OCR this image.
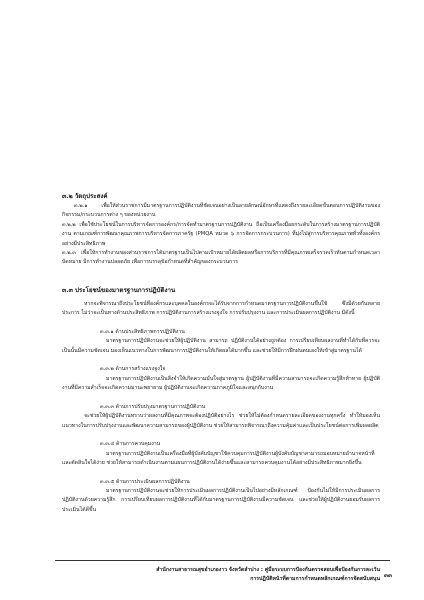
๓.๒ วัตถุประสงค์

๓.๒.๑ เพื่อให้ส่วนราชการมีมาตรฐานการปฏิบัติงานที่ชัดเจนอย่างเป็นลายลักษณ์อักษรที่แสดงถึงรายละเอียดขั้นตอนการปฏิบัติงานของกิจกรรม/กระบวนการต่าง ๆ ของหน่วยงาน

๓.๒.๒ เพื่อใช้ประโยชน์ในการบริหารจัดการองค์กร/การจัดทำมาตรฐานการปฏิบัติงาน ถือเป็นเครื่องมือยกระดับในการสร้างมาตรฐานการปฏิบัติงาน ตามเกณฑ์การพัฒนาคุณภาพการบริหารจัดการภาครัฐ (PMQA หมวด ๖ การจัดการกระบวนการ) ที่มุ่งไปสู่การบริหารคุณภาพทั่วทั้งองค์กรอย่างมีประสิทธิภาพ

๓.๒.๓ เพื่อให้การทำงานของส่วนราชการได้มาตรฐานเป็นไปตามเป้าหมายได้ผลิตผลหรือการบริการที่มีคุณภาพเสร็จรวดเร็วทันตามกำหนดเวลาบัดหมาย มีการทำงานปลอดภัย เพื่อการบรรลุข้อกำหนดที่สำคัญของกระบวนการ

๓.๓ ประโยชน์ของมาตรฐานการปฏิบัติงาน

หากจะพิจารณาถึงประโยชน์ที่องค์กรและบุคคลในองค์กรจะได้รับจากการกำหนดมาตรฐานการปฏิบัติงานขึ้นใช้ ซึ่งมีด้วยกันหลายประการ ไม่ว่าจะเป็นทางด้านประสิทธิภาพ การปฏิบัติงานการสร้างแรงจูงใจ การปรับปรุงงาน และการประเมินผลการปฏิบัติงาน มีดังนี้

๓.๓.๑ ด้านประสิทธิภาพการปฏิบัติงาน

มาตรฐานการปฏิบัติงานจะช่วยให้ผู้ปฏิบัติงาน สามารถ ปฏิบัติงานได้อย่างถูกต้อง การเปรียบเทียบผลงานที่ทำได้กับที่ควรจะเป็นนั้นมีความชัดเจน มองเห็นแนวทางในการพัฒนาการปฏิบัติงานให้เกิดผลได้มากขึ้น และช่วยให้มีการฝึกฝนตนเองให้เข้าสู่มาตรฐานได้

๓.๓.๒ ด้านการสร้างแรงจูงใจ

มาตรฐานการปฏิบัติงานเป็นสิ่งจำให้เกิดความมั่นใจสู่มาตรฐาน ผู้ปฏิบัติงานที่มีความสามารถจะเกิดความรู้สึกท้าทาย ผู้ปฏิบัติงานที่มีความสำเร็จจะเกิดความมานะพยายาม ผู้ปฏิบัติงานจะเกิดความภาคภูมิใจและสนุกกับงาน

๓.๓.๓ ด้านการปรับปรุงมาตรฐานการปฏิบัติงาน

จะช่วยให้ผู้ปฏิบัติงานทราบว่าผลงานที่มีคุณภาพจะต้องปฏิบัติอย่างไร ช่วยให้ไม่ต้องกำหนดรายละเอียดของงานทุกครั้ง ทำให้มองเห็นแนวทางในการปรับปรุงงานและพัฒนาความสามารถของผู้ปฏิบัติงาน ช่วยให้สามารถพิจารณาถึงความคุ้มค่าและเป็นประโยชน์ต่อการเพิ่มผลผลิต

๓.๓.๔ ด้านการควบคุมงาน

มาตรฐานการปฏิบัติงานเป็นเครื่องมือที่ผู้บังคับบัญชาใช้ควบคุมการปฏิบัติงานผู้บังคับบัญชาสามารถมอบหมายอำนาจหน้าที่และตัดสินใจได้ง่าย ช่วยให้สามารถดำเนินงานตามแผนการปฏิบัติงานได้ง่ายขึ้นและสามารถควบคุมงานได้อย่างมีประสิทธิภาพมากยิ่งขึ้น

๓.๓.๕ ด้านการประเมินผลการปฏิบัติงาน

มาตรฐานการปฏิบัติงานจะช่วยให้การประเมินผลการปฏิบัติงานเป็นไปอย่างมีหลักเกณฑ์ ป้องกันไม่ให้มีการประเมินผลการปฏิบัติงานด้วยความรู้สึก การเปรียบเทียบผลการปฏิบัติงานที่ได้กับมาตรฐานการปฏิบัติงานมีความชัดเจน และช่วยให้ผู้ปฏิบัติงานยอมรับผลการประเมินได้ดีขึ้น

สำนักงานสาธารณสุขอำเภองาว จังหวัดลำปาง : คู่มือระบบการป้องกันตรวจสอบเพื่อป้องกันการละเว้น
การปฏิบัติหน้าที่ตามการกำหนดหลักเกณฑ์การจัดสนับสนุน ๓๓
